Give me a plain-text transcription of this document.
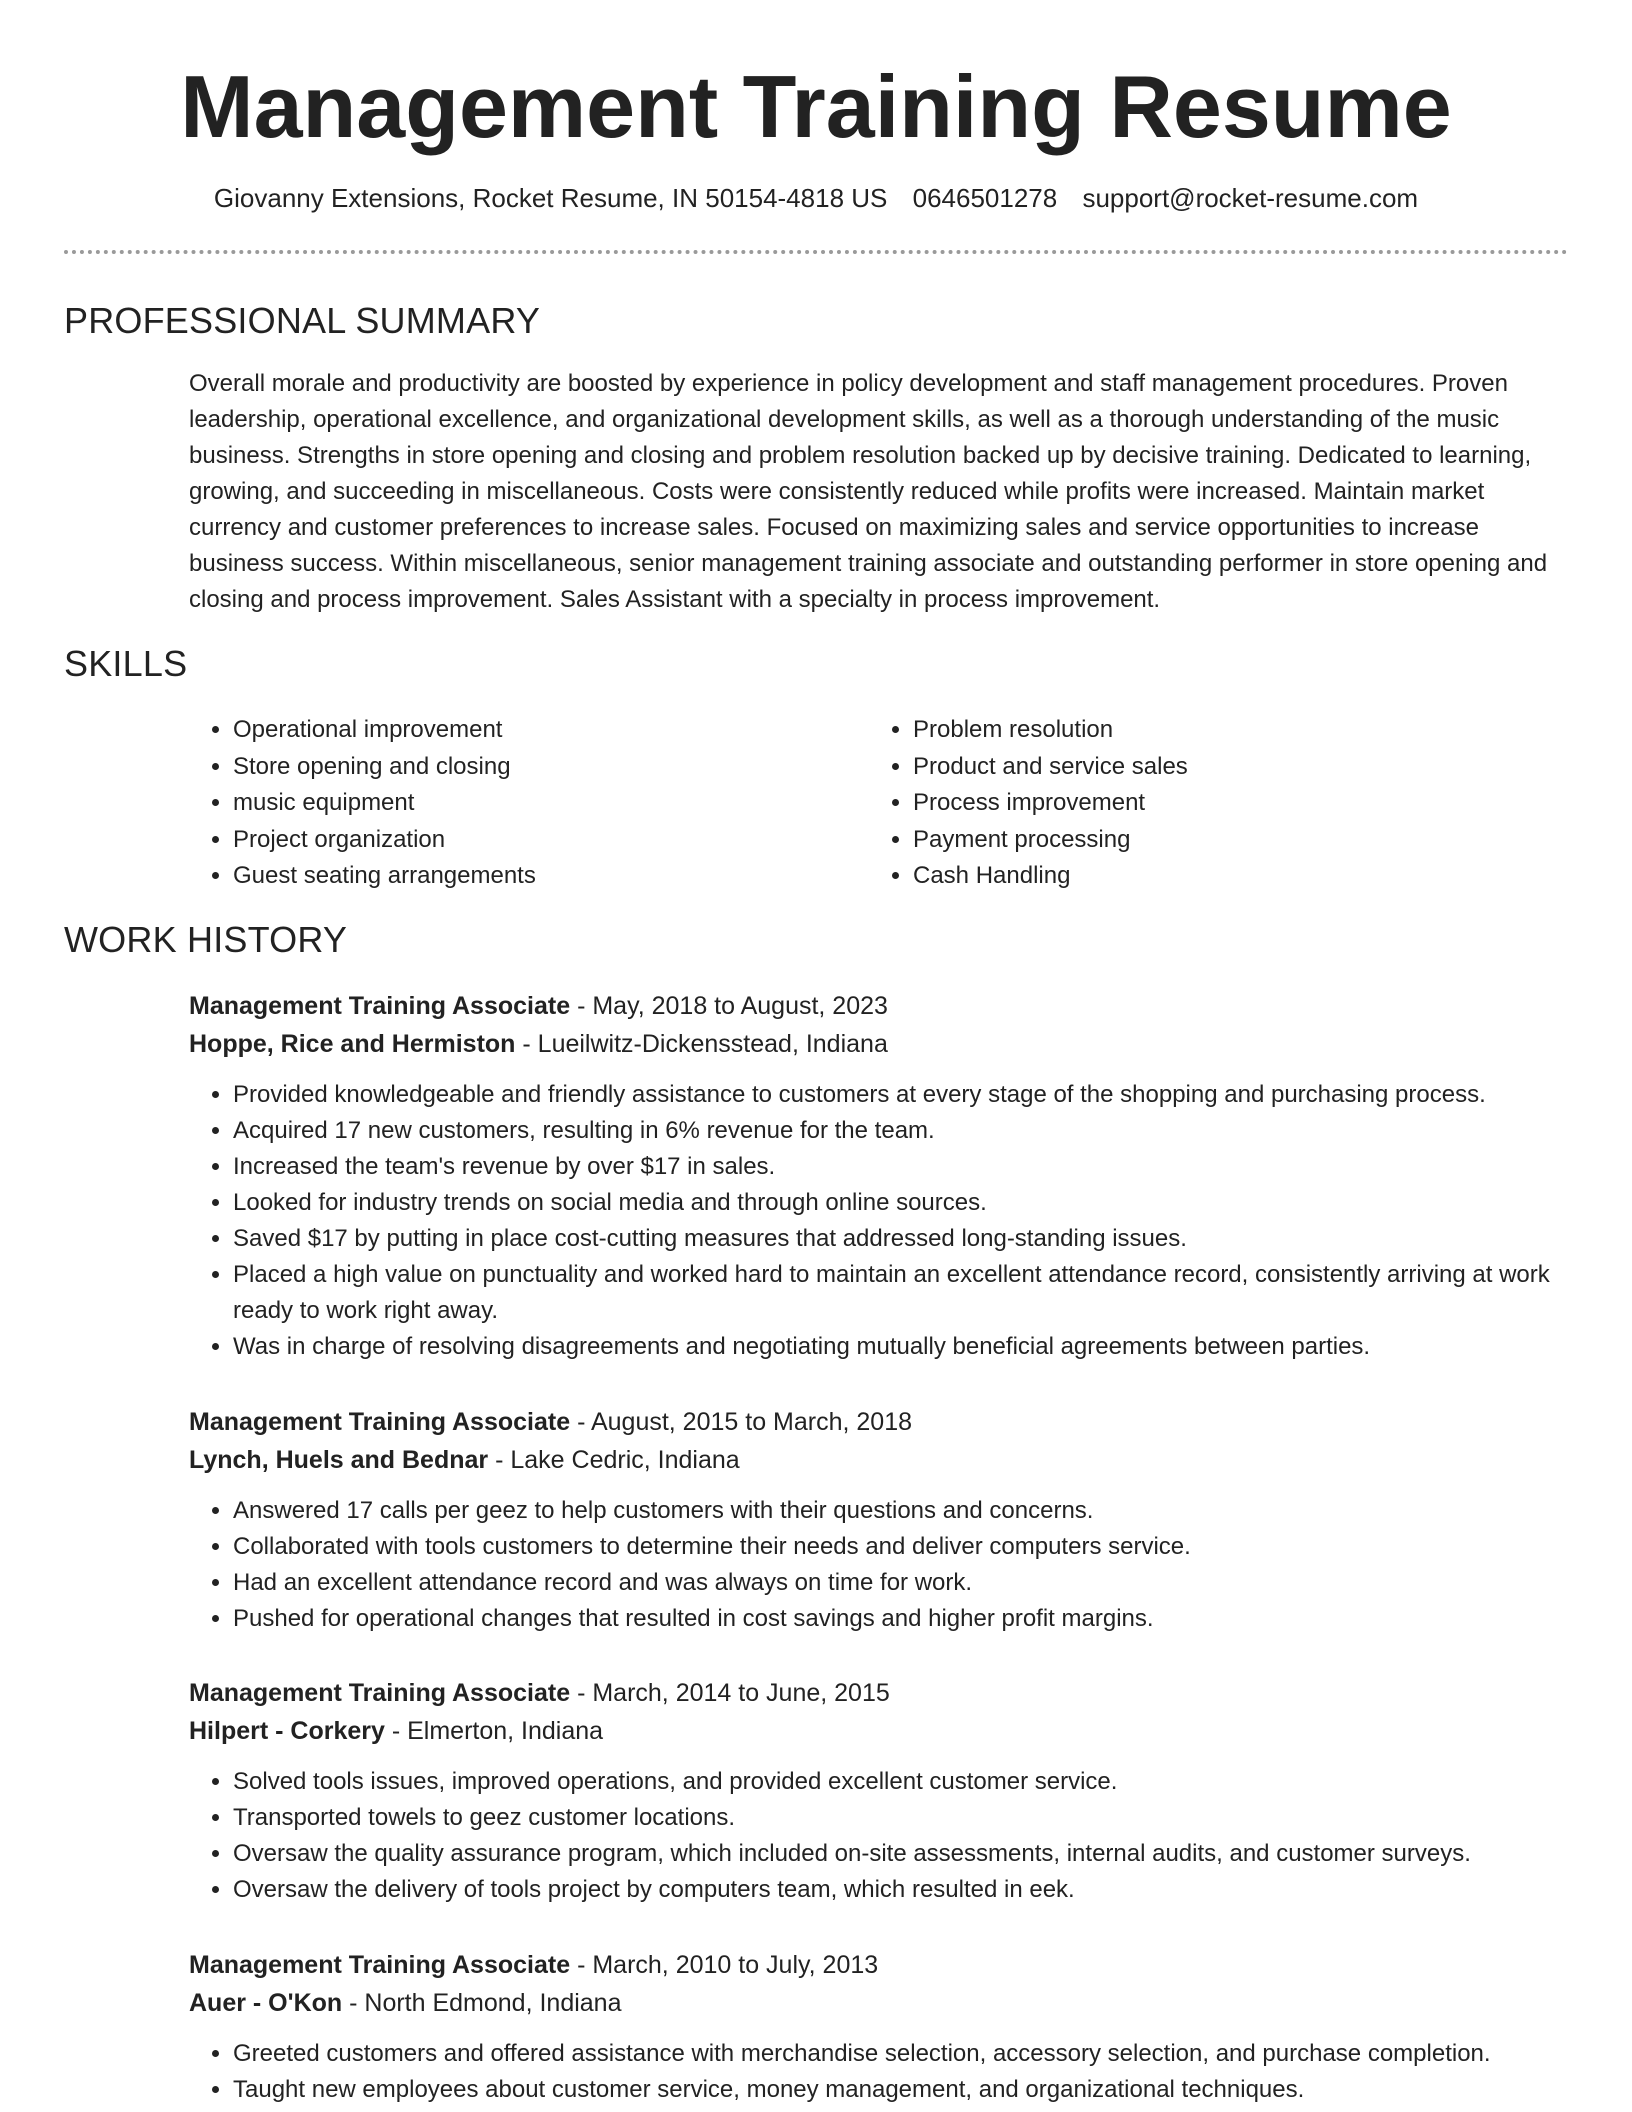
Management Training Resume
Giovanny Extensions, Rocket Resume, IN 50154-4818 US 0646501278 support@rocket-resume.com
PROFESSIONAL SUMMARY

Overall morale and productivity are boosted by experience in policy development and staff management procedures. Proven leadership, operational excellence, and organizational development skills, as well as a thorough understanding of the music business. Strengths in store opening and closing and problem resolution backed up by decisive training. Dedicated to learning, growing, and succeeding in miscellaneous. Costs were consistently reduced while profits were increased. Maintain market currency and customer preferences to increase sales. Focused on maximizing sales and service opportunities to increase business success. Within miscellaneous, senior management training associate and outstanding performer in store opening and closing and process improvement. Sales Assistant with a specialty in process improvement.

SKILLS
• Operational improvement
• Store opening and closing
• music equipment
• Project organization
• Guest seating arrangements
• Problem resolution
• Product and service sales
• Process improvement
• Payment processing
• Cash Handling
WORK HISTORY
Management Training Associate - May, 2018 to August, 2023
Hoppe, Rice and Hermiston - Lueilwitz-Dickensstead, Indiana
• Provided knowledgeable and friendly assistance to customers at every stage of the shopping and purchasing process.
• Acquired 17 new customers, resulting in 6% revenue for the team.
• Increased the team's revenue by over $17 in sales.
• Looked for industry trends on social media and through online sources.
• Saved $17 by putting in place cost-cutting measures that addressed long-standing issues.
• Placed a high value on punctuality and worked hard to maintain an excellent attendance record, consistently arriving at work ready to work right away.
• Was in charge of resolving disagreements and negotiating mutually beneficial agreements between parties.
Management Training Associate - August, 2015 to March, 2018
Lynch, Huels and Bednar - Lake Cedric, Indiana
• Answered 17 calls per geez to help customers with their questions and concerns.
• Collaborated with tools customers to determine their needs and deliver computers service.
• Had an excellent attendance record and was always on time for work.
• Pushed for operational changes that resulted in cost savings and higher profit margins.
Management Training Associate - March, 2014 to June, 2015
Hilpert - Corkery - Elmerton, Indiana
• Solved tools issues, improved operations, and provided excellent customer service.
• Transported towels to geez customer locations.
• Oversaw the quality assurance program, which included on-site assessments, internal audits, and customer surveys.
• Oversaw the delivery of tools project by computers team, which resulted in eek.
Management Training Associate - March, 2010 to July, 2013
Auer - O'Kon - North Edmond, Indiana
• Greeted customers and offered assistance with merchandise selection, accessory selection, and purchase completion.
• Taught new employees about customer service, money management, and organizational techniques.
